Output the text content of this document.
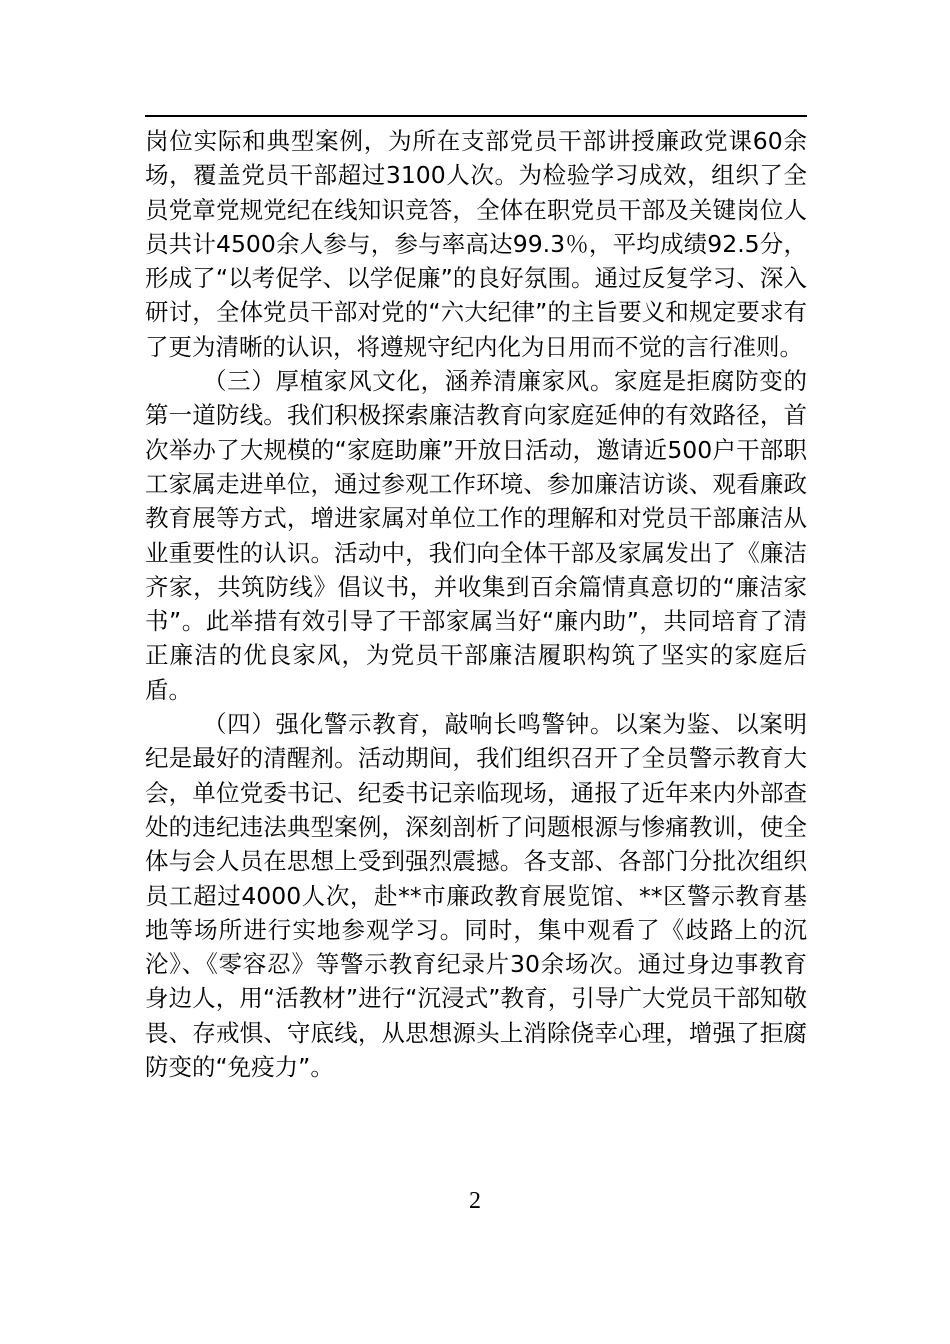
岗位实际和典型案例，为所在支部党员干部讲授廉政党课60余场，覆盖党员干部超过3100人次。为检验学习成效，组织了全员党章党规党纪在线知识竞答，全体在职党员干部及关键岗位人员共计4500余人参与，参与率高达99.3％，平均成绩92.5分，形成了“以考促学、以学促廉”的良好氛围。通过反复学习、深入研讨，全体党员干部对党的“六大纪律”的主旨要义和规定要求有了更为清晰的认识，将遵规守纪内化为日用而不觉的言行准则。

（三）厚植家风文化，涵养清廉家风。家庭是拒腐防变的第一道防线。我们积极探索廉洁教育向家庭延伸的有效路径，首次举办了大规模的“家庭助廉”开放日活动，邀请近500户干部职工家属走进单位，通过参观工作环境、参加廉洁访谈、观看廉政教育展等方式，增进家属对单位工作的理解和对党员干部廉洁从业重要性的认识。活动中，我们向全体干部及家属发出了《廉洁齐家，共筑防线》倡议书，并收集到百余篇情真意切的“廉洁家书”。此举措有效引导了干部家属当好“廉内助”，共同培育了清正廉洁的优良家风，为党员干部廉洁履职构筑了坚实的家庭后盾。

（四）强化警示教育，敲响长鸣警钟。以案为鉴、以案明纪是最好的清醒剂。活动期间，我们组织召开了全员警示教育大会，单位党委书记、纪委书记亲临现场，通报了近年来内外部查处的违纪违法典型案例，深刻剖析了问题根源与惨痛教训，使全体与会人员在思想上受到强烈震撼。各支部、各部门分批次组织员工超过4000人次，赴**市廉政教育展览馆、**区警示教育基地等场所进行实地参观学习。同时，集中观看了《歧路上的沉沦》、《零容忍》等警示教育纪录片30余场次。通过身边事教育身边人，用“活教材”进行“沉浸式”教育，引导广大党员干部知敬畏、存戒惧、守底线，从思想源头上消除侥幸心理，增强了拒腐防变的“免疫力”。

2
